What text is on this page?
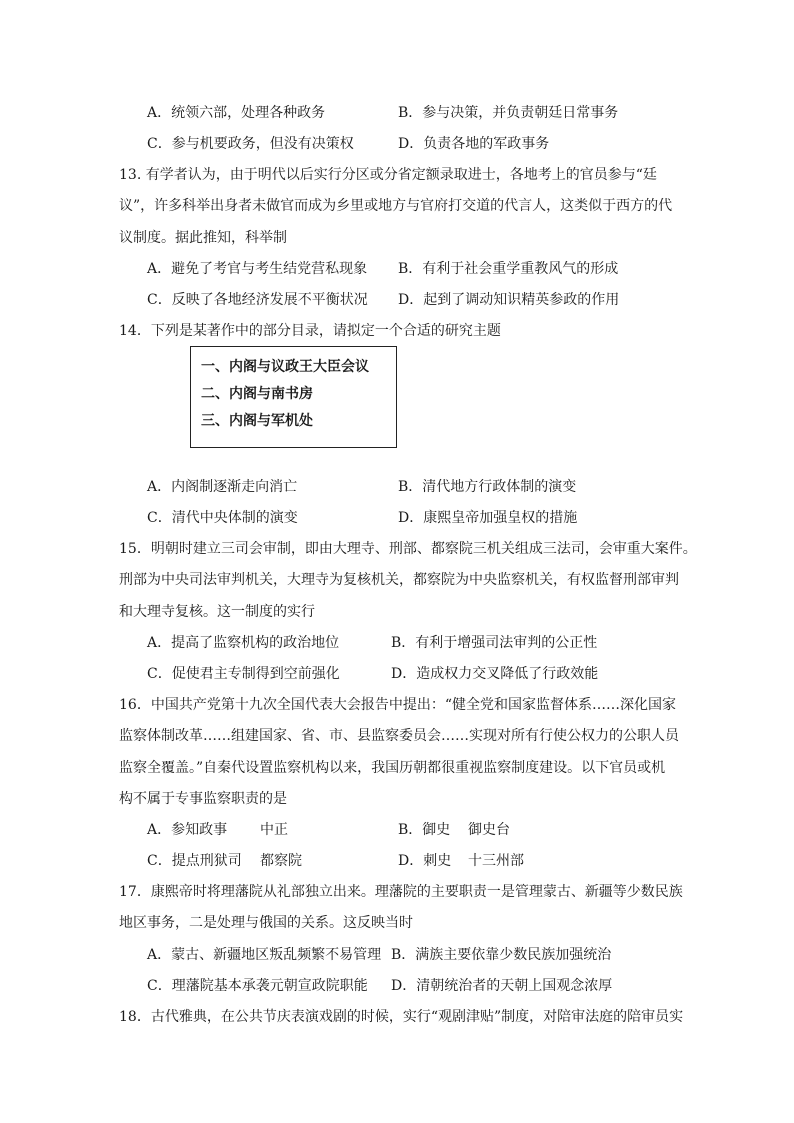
A．统领六部，处理各种政务	B．参与决策，并负责朝廷日常事务
C．参与机要政务，但没有决策权	D．负责各地的军政事务
13. 有学者认为，由于明代以后实行分区或分省定额录取进士，各地考上的官员参与“廷
议”，许多科举出身者未做官而成为乡里或地方与官府打交道的代言人，这类似于西方的代
议制度。据此推知，科举制
A．避免了考官与考生结党营私现象 B．有利于社会重学重教风气的形成
C．反映了各地经济发展不平衡状况 D．起到了调动知识精英参政的作用
14．下列是某著作中的部分目录，请拟定一个合适的研究主题
一、内阁与议政王大臣会议
二、内阁与南书房
三、内阁与军机处
A．内阁制逐渐走向消亡	B．清代地方行政体制的演变
C．清代中央体制的演变	D．康熙皇帝加强皇权的措施
15．明朝时建立三司会审制，即由大理寺、刑部、都察院三机关组成三法司，会审重大案件。
刑部为中央司法审判机关，大理寺为复核机关，都察院为中央监察机关，有权监督刑部审判
和大理寺复核。这一制度的实行
A．提高了监察机构的政治地位	B．有利于增强司法审判的公正性
C．促使君主专制得到空前强化	D．造成权力交叉降低了行政效能
16．中国共产党第十九次全国代表大会报告中提出：“健全党和国家监督体系……深化国家
监察体制改革……组建国家、省、市、县监察委员会……实现对所有行使公权力的公职人员
监察全覆盖。”自秦代设置监察机构以来，我国历朝都很重视监察制度建设。以下官员或机
构不属于专事监察职责的是
A．参知政事 中正	B．御史 御史台
C．提点刑狱司 都察院	D．刺史 十三州部
17．康熙帝时将理藩院从礼部独立出来。理藩院的主要职责一是管理蒙古、新疆等少数民族
地区事务，二是处理与俄国的关系。这反映当时
A．蒙古、新疆地区叛乱频繁不易管理 B．满族主要依靠少数民族加强统治
C．理藩院基本承袭元朝宣政院职能 D．清朝统治者的天朝上国观念浓厚
18．古代雅典，在公共节庆表演戏剧的时候，实行“观剧津贴”制度，对陪审法庭的陪审员实
